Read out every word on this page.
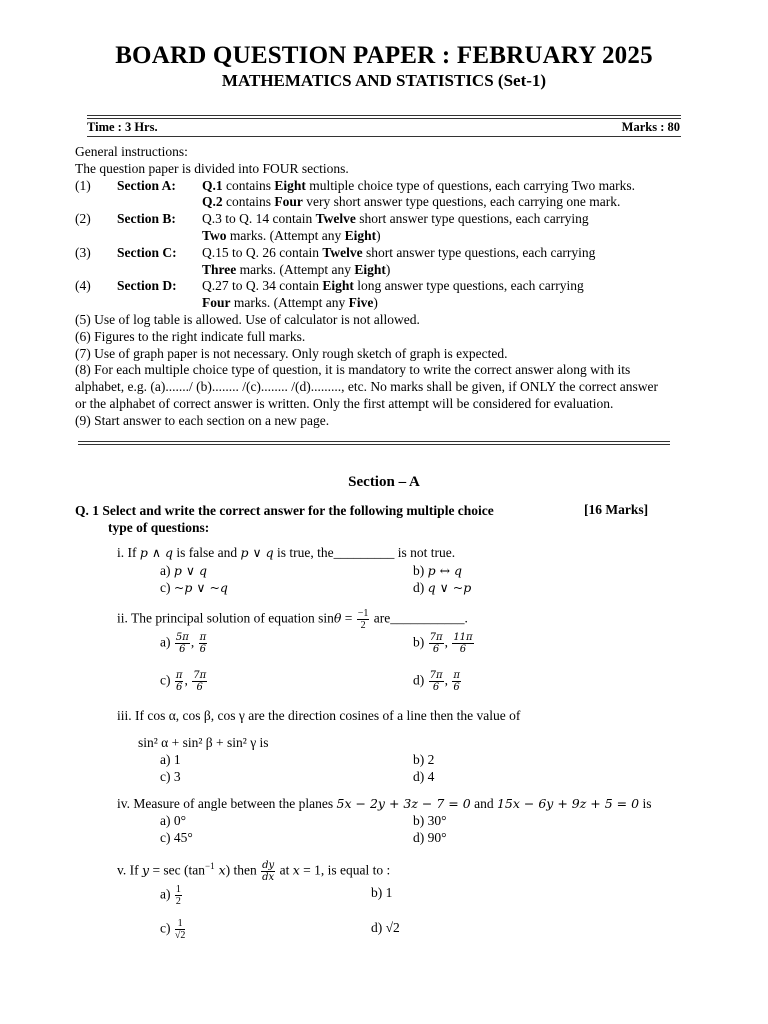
BOARD QUESTION PAPER : FEBRUARY 2025
MATHEMATICS AND STATISTICS (Set-1)
Time : 3 Hrs.	Marks : 80
General instructions:
The question paper is divided into FOUR sections.
(1) Section A: Q.1 contains Eight multiple choice type of questions, each carrying Two marks.
Q.2 contains Four very short answer type questions, each carrying one mark.
(2) Section B: Q.3 to Q. 14 contain Twelve short answer type questions, each carrying
Two marks. (Attempt any Eight)
(3) Section C: Q.15 to Q. 26 contain Twelve short answer type questions, each carrying
Three marks. (Attempt any Eight)
(4) Section D: Q.27 to Q. 34 contain Eight long answer type questions, each carrying
Four marks. (Attempt any Five)
(5) Use of log table is allowed. Use of calculator is not allowed.
(6) Figures to the right indicate full marks.
(7) Use of graph paper is not necessary. Only rough sketch of graph is expected.
(8) For each multiple choice type of question, it is mandatory to write the correct answer along with its
alphabet, e.g. (a)......./ (b)........ /(c)........ /(d)........., etc. No marks shall be given, if ONLY the correct answer
or the alphabet of correct answer is written. Only the first attempt will be considered for evaluation.
(9) Start answer to each section on a new page.
Section – A
Q. 1 Select and write the correct answer for the following multiple choice
type of questions:
[16 Marks]
i. If p ∧ q is false and p ∨ q is true, the_________ is not true.
a) p ∨ q	b) p ↔ q
c) ~p ∨ ~q	d) q ∨ ~p
ii. The principal solution of equation $\sin\theta = \frac{-1}{2}$ are___________.
$a) \frac{5\pi}{6}$ , $\frac{\pi}{6}$	$b) \frac{7\pi}{6}$ , $\frac{11\pi}{6}$
$c) \frac{\pi}{6}$ , $\frac{7\pi}{6}$	$d) \frac{7\pi}{6}$ , $\frac{\pi}{6}$
iii. If cos α, cos β, cos γ are the direction cosines of a line then the value of
sin² α + sin² β + sin² γ is
a) 1	b) 2
c) 3	d) 4
iv. Measure of angle between the planes 5x − 2y + 3z − 7 = 0 and 15x − 6y + 9z + 5 = 0 is
a) 0°	b) 30°
c) 45°	d) 90°
v. If $y = \sec (\tan^{-1}$ x) then $\frac{dy}{dx}$ at x = 1, is equal to :
$a) \frac{1}{2}$	b) 1
$c) \frac{1}{√2}$	d) √2
